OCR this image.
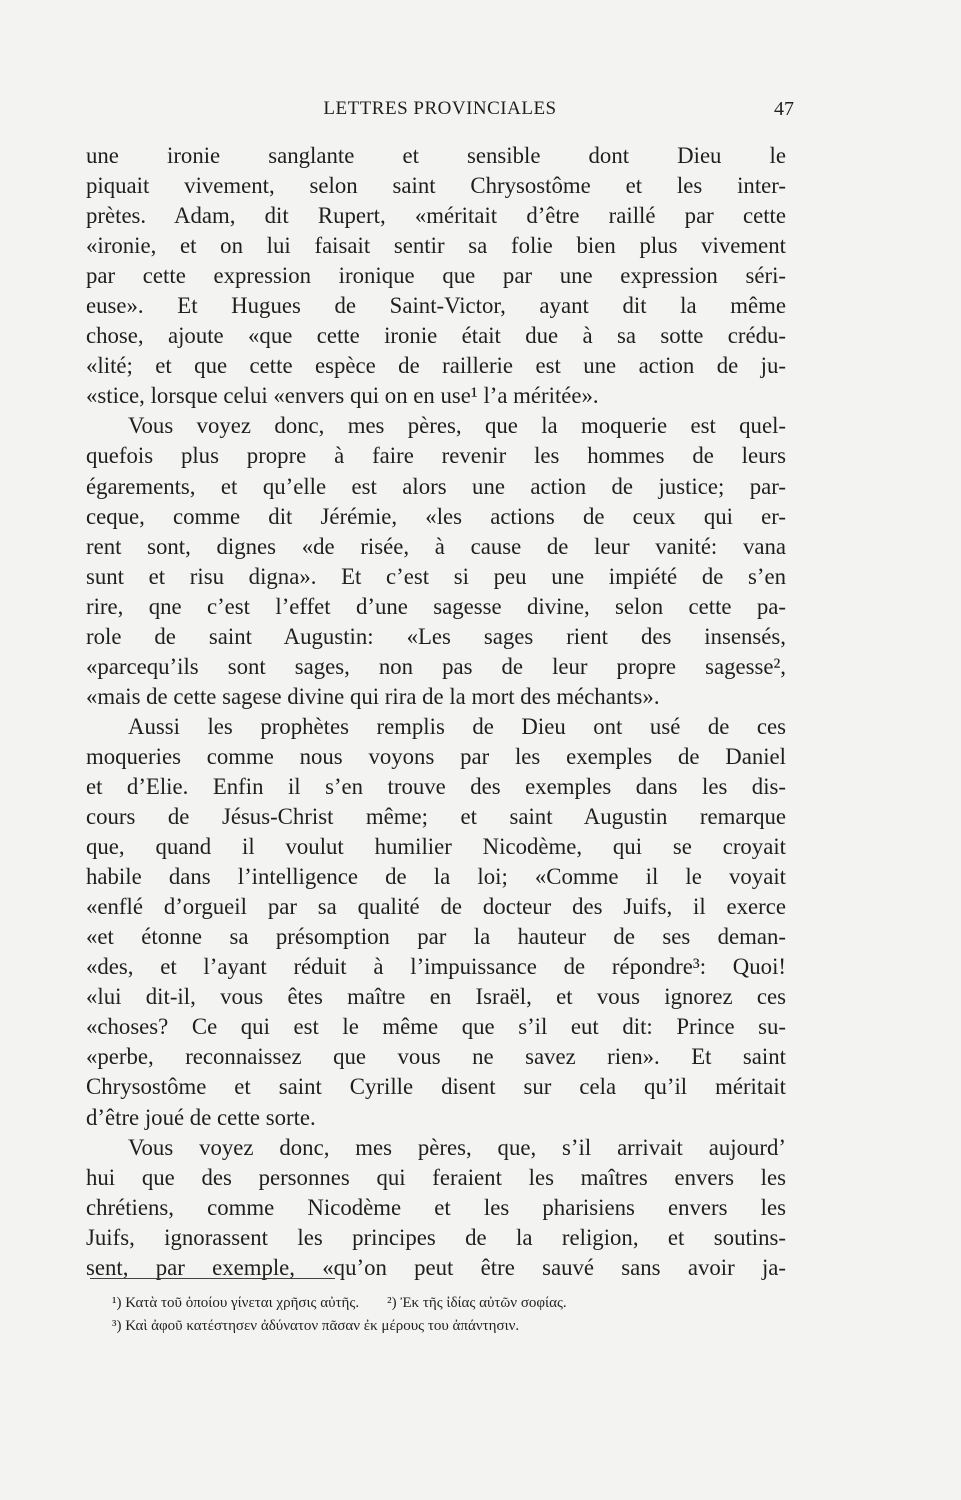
LETTRES PROVINCIALES	47
une ironie sanglante et sensible dont Dieu le
piquait vivement, selon saint Chrysostôme et les inter-
prètes. Adam, dit Rupert, «méritait d’être raillé par cette
«ironie, et on lui faisait sentir sa folie bien plus vivement
par cette expression ironique que par une expression séri-
euse». Et Hugues de Saint-Victor, ayant dit la même
chose, ajoute «que cette ironie était due à sa sotte crédu-
«lité; et que cette espèce de raillerie est une action de ju-
«stice, lorsque celui «envers qui on en use¹ l’a méritée».
Vous voyez donc, mes pères, que la moquerie est quel-
quefois plus propre à faire revenir les hommes de leurs
égarements, et qu’elle est alors une action de justice; par-
ceque, comme dit Jérémie, «les actions de ceux qui er-
rent sont, dignes «de risée, à cause de leur vanité: vana
sunt et risu digna». Et c’est si peu une impiété de s’en
rire, qne c’est l’effet d’une sagesse divine, selon cette pa-
role de saint Augustin: «Les sages rient des insensés,
«parcequ’ils sont sages, non pas de leur propre sagesse²,
«mais de cette sagese divine qui rira de la mort des méchants».
Aussi les prophètes remplis de Dieu ont usé de ces
moqueries comme nous voyons par les exemples de Daniel
et d’Elie. Enfin il s’en trouve des exemples dans les dis-
cours de Jésus-Christ même; et saint Augustin remarque
que, quand il voulut humilier Nicodème, qui se croyait
habile dans l’intelligence de la loi; «Comme il le voyait
«enflé d’orgueil par sa qualité de docteur des Juifs, il exerce
«et étonne sa présomption par la hauteur de ses deman-
«des, et l’ayant réduit à l’impuissance de répondre³: Quoi!
«lui dit-il, vous êtes maître en Israël, et vous ignorez ces
«choses? Ce qui est le même que s’il eut dit: Prince su-
«perbe, reconnaissez que vous ne savez rien». Et saint
Chrysostôme et saint Cyrille disent sur cela qu’il méritait
d’être joué de cette sorte.
Vous voyez donc, mes pères, que, s’il arrivait aujourd’
hui que des personnes qui feraient les maîtres envers les
chrétiens, comme Nicodème et les pharisiens envers les
Juifs, ignorassent les principes de la religion, et soutins-
sent, par exemple, «qu’on peut être sauvé sans avoir ja-
¹) Κατὰ τοῦ ὁποίου γίνεται χρῆσις αὐτῆς. ²) Ἐκ τῆς ἰδίας αὐτῶν σοφίας.
³) Καὶ ἀφοῦ κατέστησεν ἀδύνατον πᾶσαν ἐκ μέρους του ἀπάντησιν.
